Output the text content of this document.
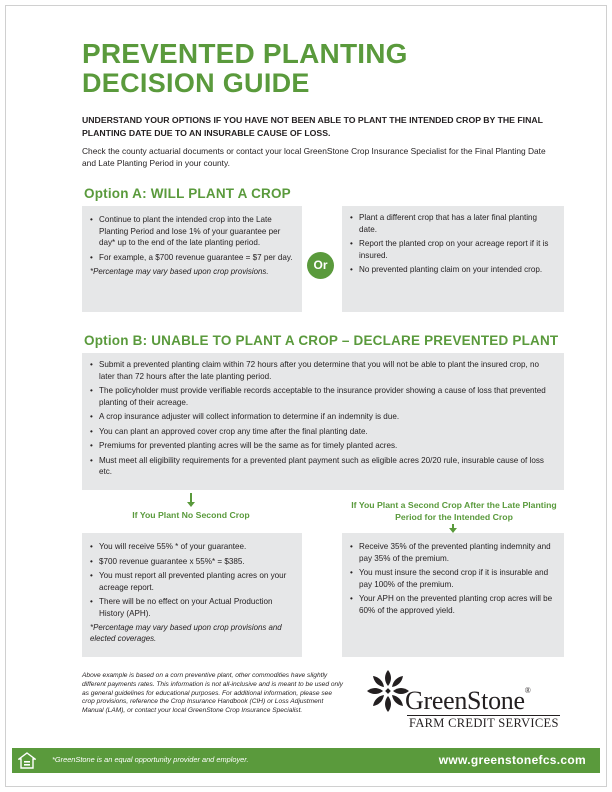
PREVENTED PLANTING
DECISION GUIDE

UNDERSTAND YOUR OPTIONS IF YOU HAVE NOT BEEN ABLE TO PLANT THE INTENDED CROP BY THE FINAL PLANTING DATE DUE TO AN INSURABLE CAUSE OF LOSS.

Check the county actuarial documents or contact your local GreenStone Crop Insurance Specialist for the Final Planting Date and Late Planting Period in your county.

Option A: WILL PLANT A CROP
• Continue to plant the intended crop into the Late Planting Period and lose 1% of your guarantee per day* up to the end of the late planting period.
• For example, a $700 revenue guarantee = $7 per day.
*Percentage may vary based upon crop provisions.	Or
• Plant a different crop that has a later final planting date.
• Report the planted crop on your acreage report if it is insured.
• No prevented planting claim on your intended crop.
Option B: UNABLE TO PLANT A CROP – DECLARE PREVENTED PLANT
• Submit a prevented planting claim within 72 hours after you determine that you will not be able to plant the insured crop, no later than 72 hours after the late planting period.
• The policyholder must provide verifiable records acceptable to the insurance provider showing a cause of loss that prevented planting of their acreage.
• A crop insurance adjuster will collect information to determine if an indemnity is due.
• You can plant an approved cover crop any time after the final planting date.
• Premiums for prevented planting acres will be the same as for timely planted acres.
• Must meet all eligibility requirements for a prevented plant payment such as eligible acres 20/20 rule, insurable cause of loss etc.
If You Plant No Second Crop
If You Plant a Second Crop After the Late Planting Period for the Intended Crop
• You will receive 55% * of your guarantee.
• $700 revenue guarantee x 55%* = $385.
• You must report all prevented planting acres on your acreage report.
• There will be no effect on your Actual Production History (APH).
*Percentage may vary based upon crop provisions and elected coverages.
• Receive 35% of the prevented planting indemnity and pay 35% of the premium.
• You must insure the second crop if it is insurable and pay 100% of the premium.
• Your APH on the prevented planting crop acres will be 60% of the approved yield.

Above example is based on a corn preventive plant, other commodities have slightly different payments rates. This information is not all-inclusive and is meant to be used only as general guidelines for educational purposes. For additional information, please see crop provisions, reference the Crop Insurance Handbook (CIH) or Loss Adjustment Manual (LAM), or contact your local GreenStone Crop Insurance Specialist.	GreenStone®
FARM CREDIT SERVICES
*GreenStone is an equal opportunity provider and employer.	www.greenstonefcs.com
